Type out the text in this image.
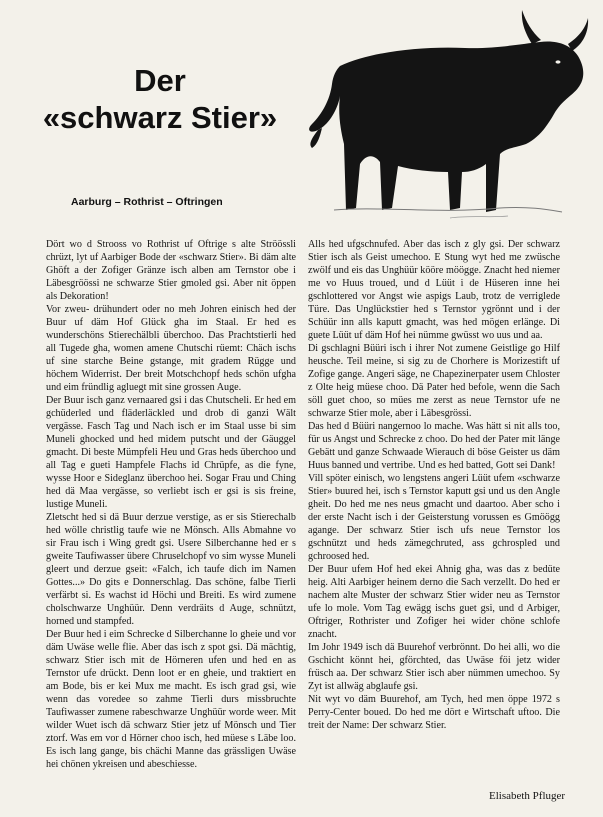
Der
«schwarz Stier»
Aarburg – Rothrist – Oftringen

Dört wo d Strooss vo Rothrist uf Oftrige s alte Ströössli chrüzt, lyt uf Aarbiger Bode der «schwarz Stier». Bi däm alte Ghöft a der Zofiger Gränze isch alben am Ternstor obe i Läbesgröössi ne schwarze Stier gmoled gsi. Aber nit öppen als Dekoration!

Vor zweu- drühundert oder no meh Johren einisch hed der Buur uf däm Hof Glück gha im Staal. Er hed es wunderschöns Stierechälbli überchoo. Das Prachtstierli hed all Tugede gha, women amene Chutschi rüemt: Chäch ischs uf sine starche Beine gstange, mit gradem Rügge und höchem Widerrist. Der breit Motschchopf heds schön ufgha und eim fründlig agluegt mit sine grossen Auge.

Der Buur isch ganz vernaared gsi i das Chutscheli. Er hed em gchüderled und fläderläckled und drob di ganzi Wält vergässe. Fasch Tag und Nach isch er im Staal usse bi sim Muneli ghocked und hed midem putscht und der Gäuggel gmacht. Di beste Mümpfeli Heu und Gras heds überchoo und all Tag e gueti Hampfele Flachs id Chrüpfe, as die fyne, wysse Hoor e Sideglanz überchoo hei. Sogar Frau und Ching hed dä Maa vergässe, so verliebt isch er gsi is sis freine, lustige Muneli.

Zletscht hed si dä Buur derzue verstige, as er sis Stierechalb hed wölle christlig taufe wie ne Mönsch. Alls Abmahne vo sir Frau isch i Wing gredt gsi. Usere Silberchanne hed er s gweite Taufiwasser übere Chruselchopf vo sim wysse Muneli gleert und derzue gseit: «Falch, ich taufe dich im Namen Gottes...» Do gits e Donnerschlag. Das schöne, falbe Tierli verfärbt si. Es wachst id Höchi und Breiti. Es wird zumene cholschwarze Unghüür. Denn verdräits d Auge, schnützt, horned und stampfed.

Der Buur hed i eim Schrecke d Silberchanne lo gheie und vor däm Uwäse welle flie. Aber das isch z spot gsi. Dä mächtig, schwarz Stier isch mit de Hörneren ufen und hed en as Ternstor ufe drückt. Denn loot er en gheie, und traktiert en am Bode, bis er kei Mux me macht. Es isch grad gsi, wie wenn das voredee so zahme Tierli durs missbruchte Taufiwasser zumene rabeschwarze Unghüür worde weer. Mit wilder Wuet isch dä schwarz Stier jetz uf Mönsch und Tier ztorf. Was em vor d Hörner choo isch, hed müese s Läbe loo. Es isch lang gange, bis chächi Manne das grässligen Uwäse hei chönen ykreisen und abeschiesse.

Alls hed ufgschnufed. Aber das isch z gly gsi. Der schwarz Stier isch als Geist umechoo. E Stung wyt hed me zwüsche zwölf und eis das Unghüür kööre möögge. Znacht hed niemer me vo Huus troued, und d Lüüt i de Hüseren inne hei gschlottered vor Angst wie aspigs Laub, trotz de verriglede Türe. Das Unglückstier hed s Ternstor ygrönnt und i der Schüür inn alls kaputt gmacht, was hed mögen erlänge. Di guete Lüüt uf däm Hof hei nümme gwüsst wo uus und aa.

Di gschlagni Büüri isch i ihrer Not zumene Geistlige go Hilf heusche. Teil meine, si sig zu de Chorhere is Morizestift uf Zofige gange. Angeri säge, ne Chapezinerpater usem Chloster z Olte heig müese choo. Dä Pater hed befole, wenn die Sach söll guet choo, so mües me zerst as neue Ternstor ufe ne schwarze Stier mole, aber i Läbesgrössi.

Das hed d Büüri nangernoo lo mache. Was hätt si nit alls too, für us Angst und Schrecke z choo. Do hed der Pater mit länge Gebätt und ganze Schwaade Wierauch di böse Geister us däm Huus banned und vertribe. Und es hed batted, Gott sei Dank!

Vill spöter einisch, wo lengstens angeri Lüüt ufem «schwarze Stier» buured hei, isch s Ternstor kaputt gsi und us den Angle gheit. Do hed me nes neus gmacht und daartoo. Aber scho i der erste Nacht isch i der Geisterstung vorussen es Gmöögg agange. Der schwarz Stier isch ufs neue Ternstor los gschnützt und heds zämegchruted, ass gchrospled und gchroosed hed.

Der Buur ufem Hof hed ekei Ahnig gha, was das z bedüte heig. Alti Aarbiger heinem derno die Sach verzellt. Do hed er nachem alte Muster der schwarz Stier wider neu as Ternstor ufe lo mole. Vom Tag ewägg ischs guet gsi, und d Arbiger, Oftriger, Rothrister und Zofiger hei wider chöne schlofe znacht.

Im Johr 1949 isch dä Buurehof verbrönnt. Do hei alli, wo die Gschicht könnt hei, gförchted, das Uwäse föi jetz wider früsch aa. Der schwarz Stier isch aber nümmen umechoo. Sy Zyt ist allwäg abglaufe gsi.

Nit wyt vo däm Buurehof, am Tych, hed men öppe 1972 s Perry-Center boued. Do hed me dört e Wirtschaft uftoo. Die treit der Name: Der schwarz Stier.

Elisabeth Pfluger
